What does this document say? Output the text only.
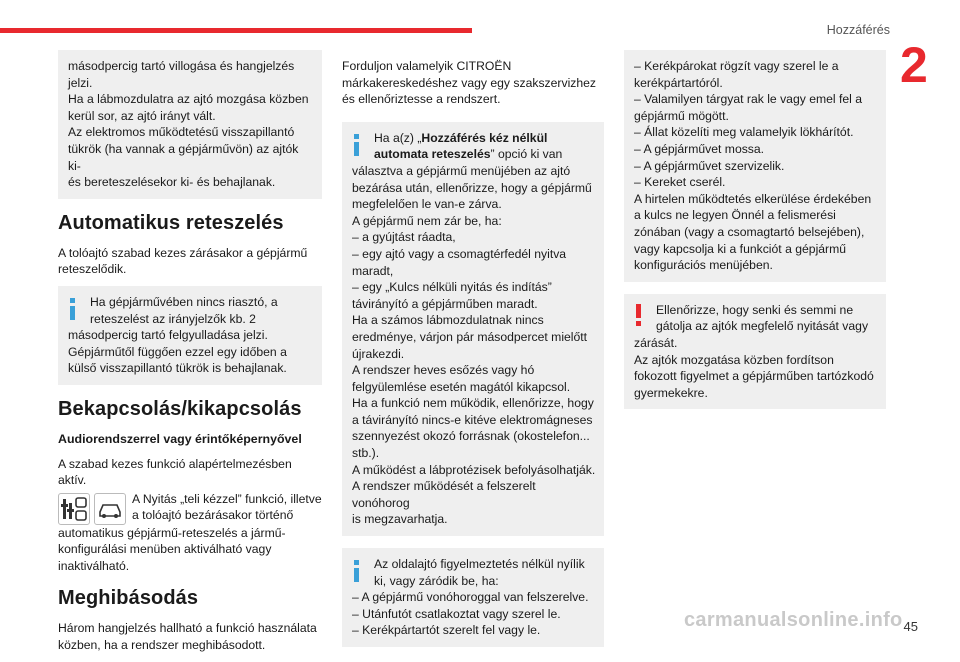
Hozzáférés
2
másodpercig tartó villogása és hangjelzés
jelzi.
Ha a lábmozdulatra az ajtó mozgása közben
kerül sor, az ajtó irányt vált.
Az elektromos működtetésű visszapillantó
tükrök (ha vannak a gépjárművön) az ajtók ki-
és bereteszelésekor ki- és behajlanak.
Automatikus reteszelés
A tolóajtó szabad kezes zárásakor a gépjármű
reteszelődik.
Ha gépjárművében nincs riasztó, a
reteszelést az irányjelzők kb. 2
másodpercig tartó felgyulladása jelzi.
Gépjárműtől függően ezzel egy időben a
külső visszapillantó tükrök is behajlanak.
Bekapcsolás/kikapcsolás
Audiorendszerrel vagy érintőképernyővel
A szabad kezes funkció alapértelmezésben
aktív.
A Nyitás „teli kézzel” funkció, illetve
a tolóajtó bezárásakor történő
automatikus gépjármű-reteszelés a jármű-
konfigurálási menüben aktiválható vagy
inaktiválható.
Meghibásodás
Három hangjelzés hallható a funkció használata
közben, ha a rendszer meghibásodott.
Forduljon valamelyik CITROËN
márkakereskedéshez vagy egy szakszervizhez
és ellenőriztesse a rendszert.
Ha a(z) „Hozzáférés kéz nélkül
automata reteszelés” opció ki van
választva a gépjármű menüjében az ajtó
bezárása után, ellenőrizze, hogy a gépjármű
megfelelően le van-e zárva.
A gépjármű nem zár be, ha:
– a gyújtást ráadta,
– egy ajtó vagy a csomagtérfedél nyitva
maradt,
– egy „Kulcs nélküli nyitás és indítás”
távirányító a gépjárműben maradt.
Ha a számos lábmozdulatnak nincs
eredménye, várjon pár másodpercet mielőtt
újrakezdi.
A rendszer heves esőzés vagy hó
felgyülemlése esetén magától kikapcsol.
Ha a funkció nem működik, ellenőrizze, hogy
a távirányító nincs-e kitéve elektromágneses
szennyezést okozó forrásnak (okostelefon...
stb.).
A működést a lábprotézisek befolyásolhatják.
A rendszer működését a felszerelt vonóhorog
is megzavarhatja.
Az oldalajtó figyelmeztetés nélkül nyílik
ki, vagy záródik be, ha:
– A gépjármű vonóhoroggal van felszerelve.
– Utánfutót csatlakoztat vagy szerel le.
– Kerékpártartót szerelt fel vagy le.
– Kerékpárokat rögzít vagy szerel le a
kerékpártartóról.
– Valamilyen tárgyat rak le vagy emel fel a
gépjármű mögött.
– Állat közelíti meg valamelyik lökhárítót.
– A gépjárművet mossa.
– A gépjárművet szervizelik.
– Kereket cserél.
A hirtelen működtetés elkerülése érdekében
a kulcs ne legyen Önnél a felismerési
zónában (vagy a csomagtartó belsejében),
vagy kapcsolja ki a funkciót a gépjármű
konfigurációs menüjében.
Ellenőrizze, hogy senki és semmi ne
gátolja az ajtók megfelelő nyitását vagy
zárását.
Az ajtók mozgatása közben fordítson
fokozott figyelmet a gépjárműben tartózkodó
gyermekekre.
carmanualsonline.info 45
